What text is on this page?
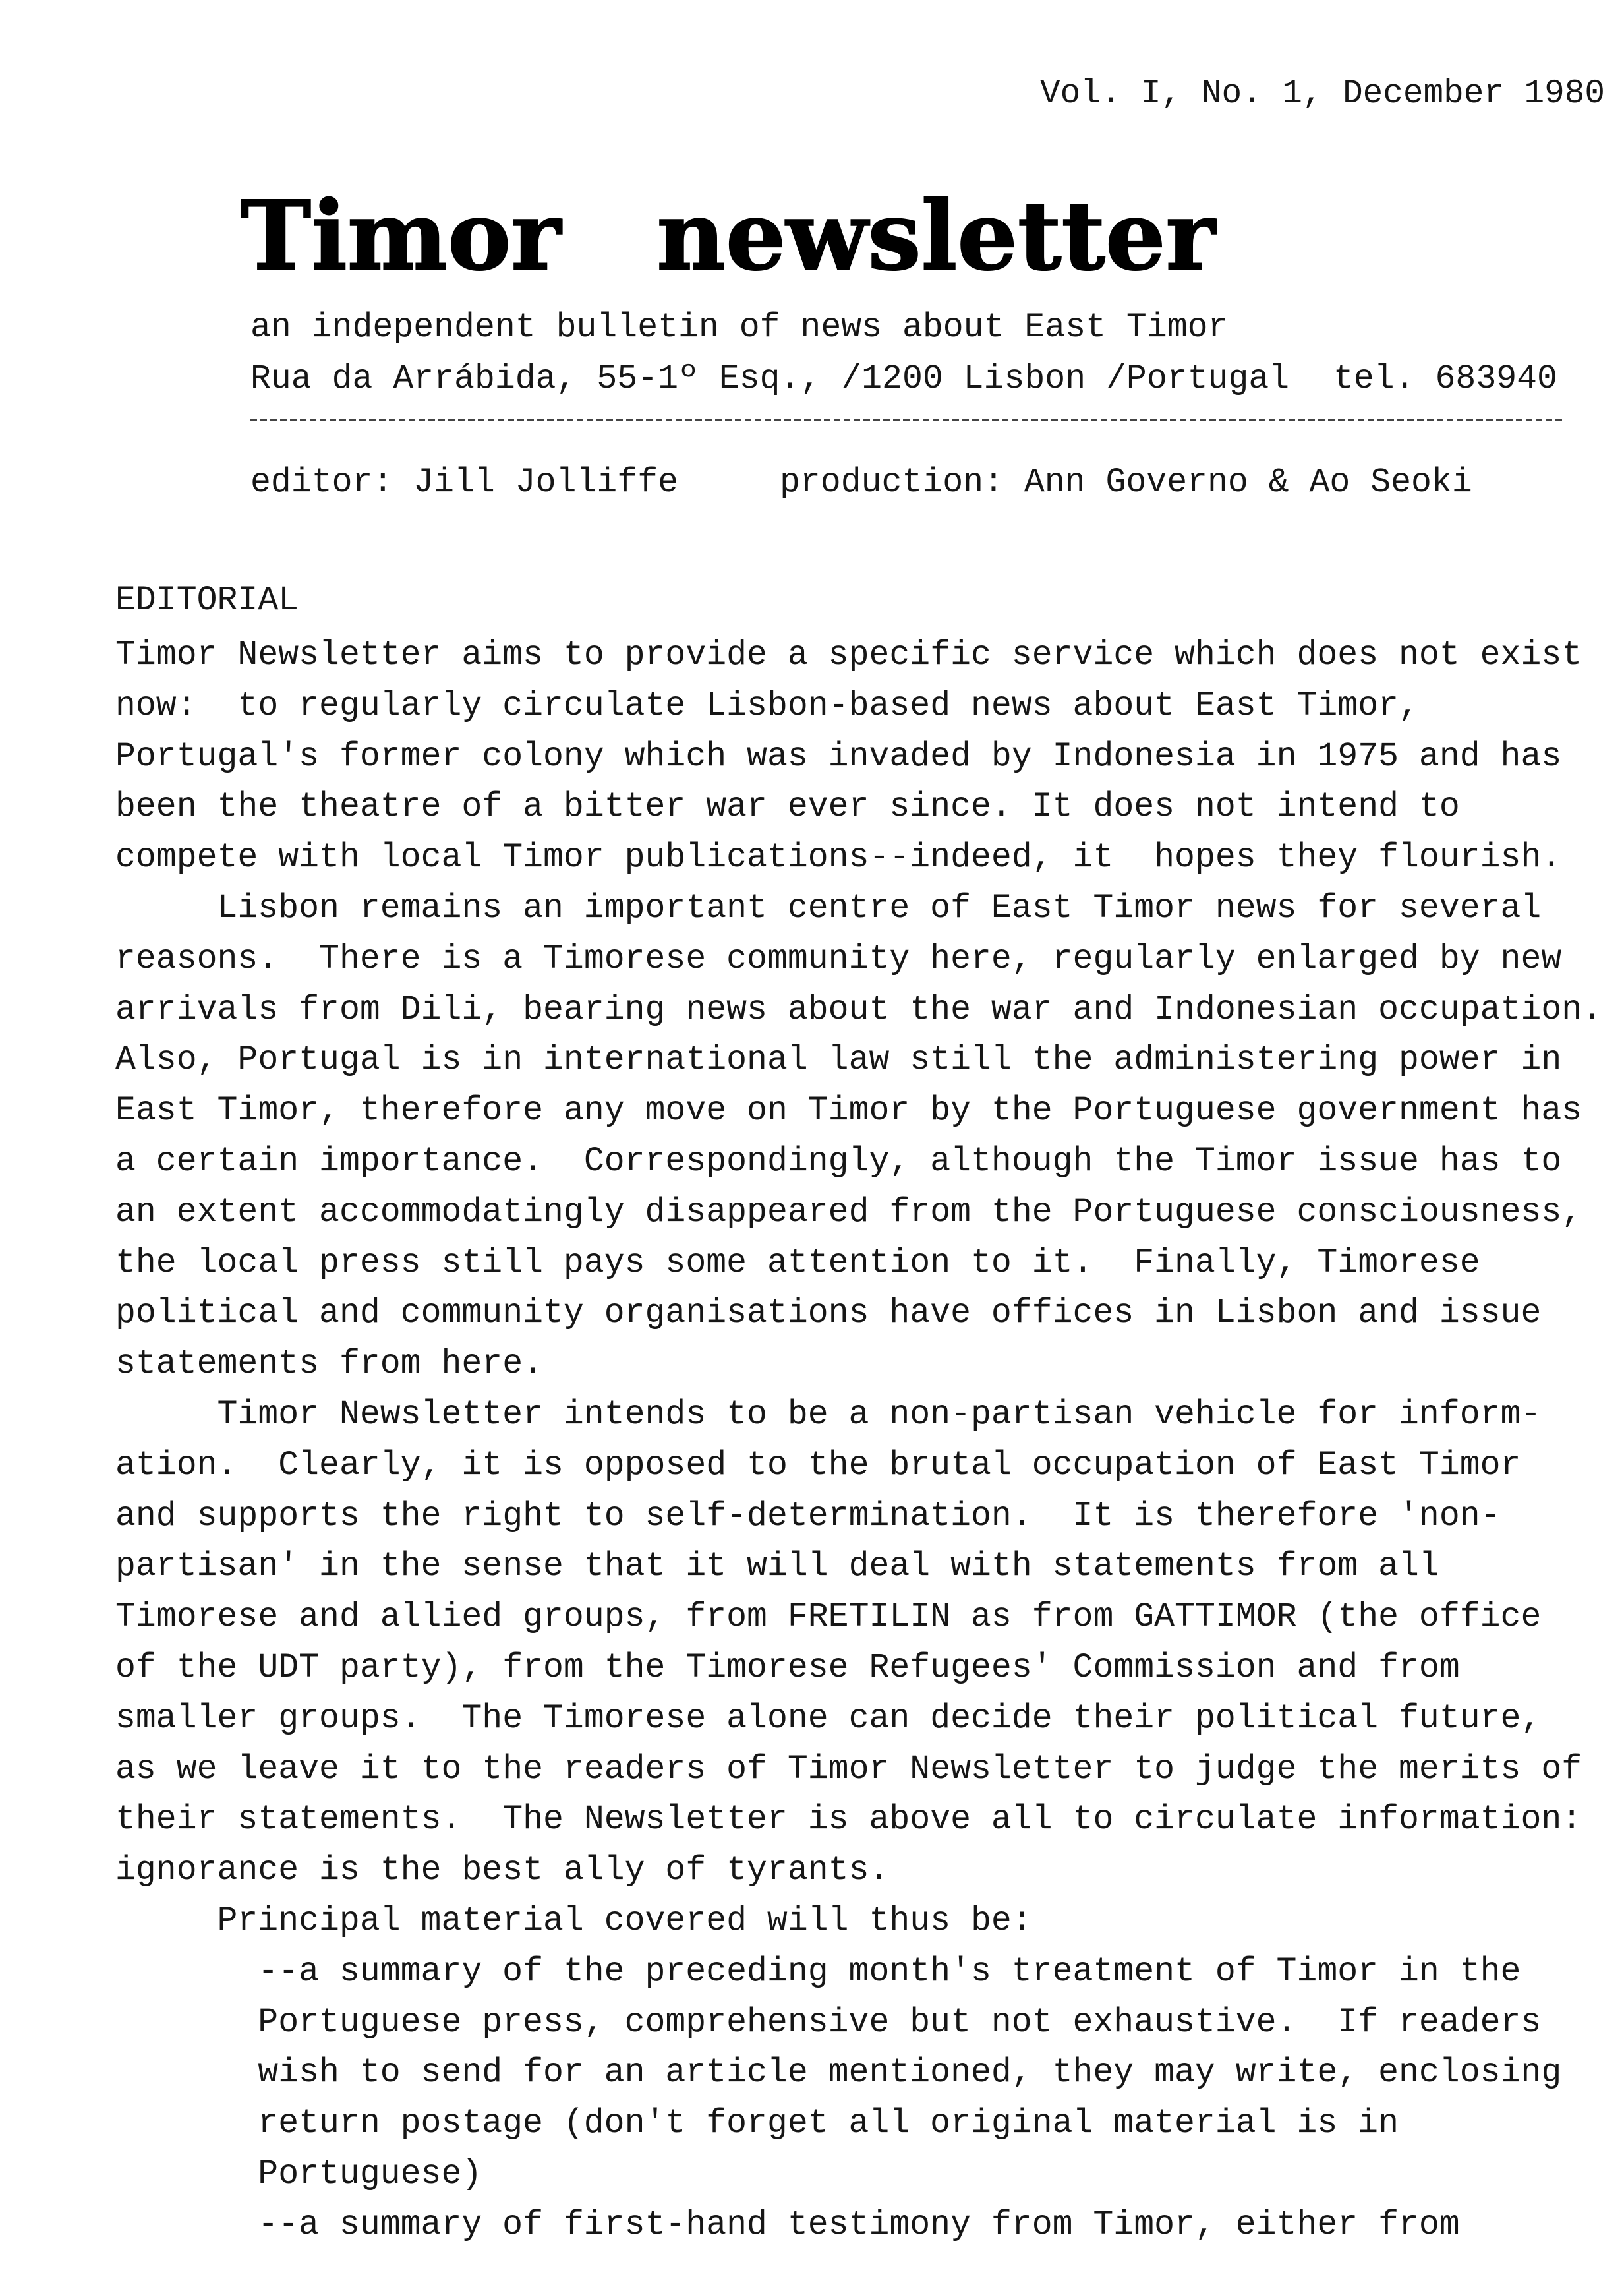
Vol. I, No. 1, December 1980
Timor newsletter
an independent bulletin of news about East Timor
Rua da Arrábida, 55-1º Esq., /1200 Lisbon /Portugal tel. 683940
editor: Jill Jolliffe	production: Ann Governo & Ao Seoki
EDITORIAL
Timor Newsletter aims to provide a specific service which does not exist
now:  to regularly circulate Lisbon-based news about East Timor,
Portugal's former colony which was invaded by Indonesia in 1975 and has
been the theatre of a bitter war ever since. It does not intend to
compete with local Timor publications--indeed, it  hopes they flourish.
Lisbon remains an important centre of East Timor news for several
reasons.  There is a Timorese community here, regularly enlarged by new
arrivals from Dili, bearing news about the war and Indonesian occupation.
Also, Portugal is in international law still the administering power in
East Timor, therefore any move on Timor by the Portuguese government has
a certain importance.  Correspondingly, although the Timor issue has to
an extent accommodatingly disappeared from the Portuguese consciousness,
the local press still pays some attention to it.  Finally, Timorese
political and community organisations have offices in Lisbon and issue
statements from here.
Timor Newsletter intends to be a non-partisan vehicle for inform-
ation.  Clearly, it is opposed to the brutal occupation of East Timor
and supports the right to self-determination.  It is therefore 'non-
partisan' in the sense that it will deal with statements from all
Timorese and allied groups, from FRETILIN as from GATTIMOR (the office
of the UDT party), from the Timorese Refugees' Commission and from
smaller groups.  The Timorese alone can decide their political future,
as we leave it to the readers of Timor Newsletter to judge the merits of
their statements.  The Newsletter is above all to circulate information:
ignorance is the best ally of tyrants.
Principal material covered will thus be:
--a summary of the preceding month's treatment of Timor in the
Portuguese press, comprehensive but not exhaustive.  If readers
wish to send for an article mentioned, they may write, enclosing
return postage (don't forget all original material is in
Portuguese)
--a summary of first-hand testimony from Timor, either from
